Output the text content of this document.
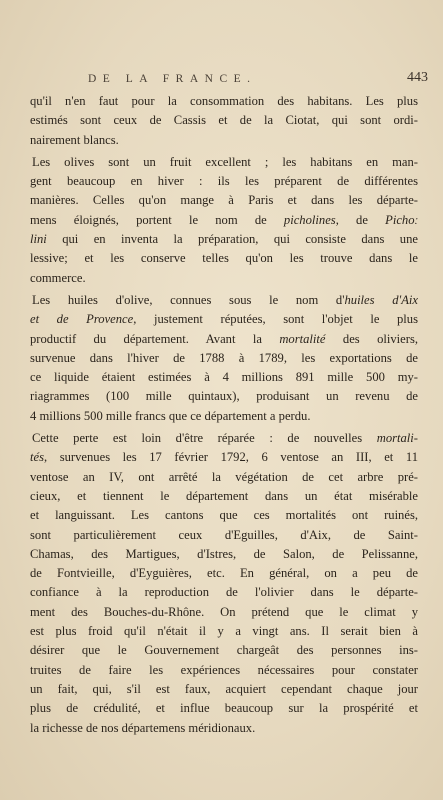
DE LA FRANCE.	443
qu'il n'en faut pour la consommation des habitans. Les plus
estimés sont ceux de Cassis et de la Ciotat, qui sont ordi-
nairement blancs.
Les olives sont un fruit excellent ; les habitans en man-
gent beaucoup en hiver : ils les préparent de différentes
manières. Celles qu'on mange à Paris et dans les départe-
mens éloignés, portent le nom de picholines, de Pichoː
lini qui en inventa la préparation, qui consiste dans une
lessive; et les conserve telles qu'on les trouve dans le
commerce.
Les huiles d'olive, connues sous le nom d'huiles d'Aix
et de Provence, justement réputées, sont l'objet le plus
productif du département. Avant la mortalité des oliviers,
survenue dans l'hiver de 1788 à 1789, les exportations de
ce liquide étaient estimées à 4 millions 891 mille 500 my-
riagrammes (100 mille quintaux), produisant un revenu de
4 millions 500 mille francs que ce département a perdu.
Cette perte est loin d'être réparée : de nouvelles mortali-
tés, survenues les 17 février 1792, 6 ventose an III, et 11
ventose an IV, ont arrêté la végétation de cet arbre pré-
cieux, et tiennent le département dans un état misérable
et languissant. Les cantons que ces mortalités ont ruinés,
sont particulièrement ceux d'Eguilles, d'Aix, de Saint-
Chamas, des Martigues, d'Istres, de Salon, de Pelissanne,
de Fontvieille, d'Eyguières, etc. En général, on a peu de
confiance à la reproduction de l'olivier dans le départe-
ment des Bouches-du-Rhône. On prétend que le climat y
est plus froid qu'il n'était il y a vingt ans. Il serait bien à
désirer que le Gouvernement chargeât des personnes ins-
truites de faire les expériences nécessaires pour constater
un fait, qui, s'il est faux, acquiert cependant chaque jour
plus de crédulité, et influe beaucoup sur la prospérité et
la richesse de nos départemens méridionaux.
